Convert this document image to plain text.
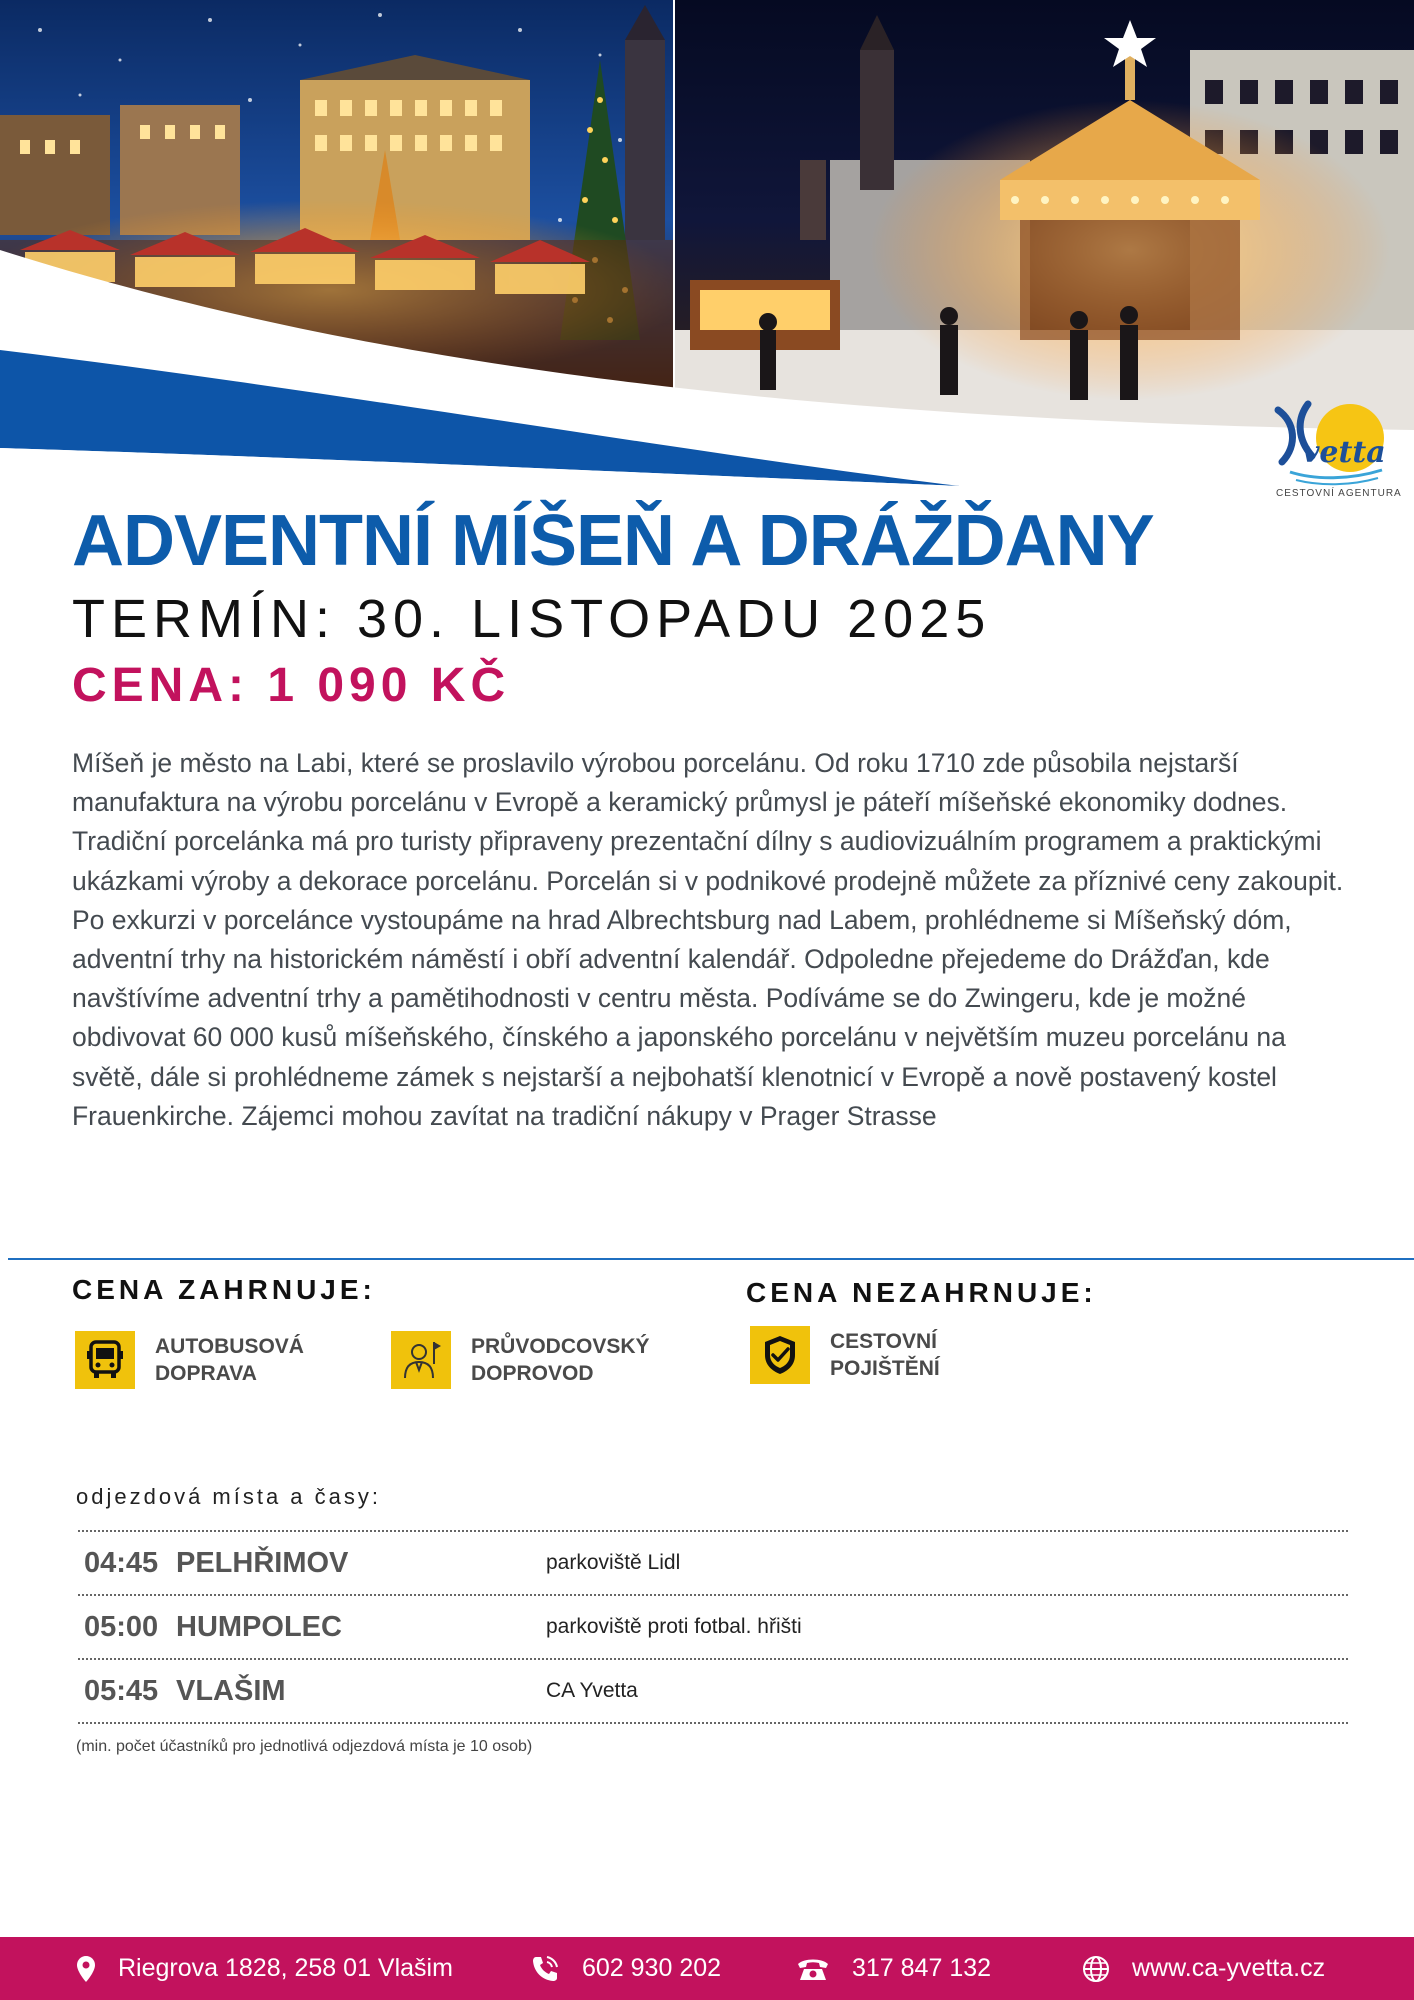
vetta
CESTOVNÍ AGENTURA
ADVENTNÍ MÍŠEŇ A DRÁŽĎANY
TERMÍN: 30. LISTOPADU 2025
CENA: 1 090 KČ

Míšeň je město na Labi, které se proslavilo výrobou porcelánu. Od roku 1710 zde působila nejstarší manufaktura na výrobu porcelánu v Evropě a keramický průmysl je páteří míšeňské ekonomiky dodnes. Tradiční porcelánka má pro turisty připraveny prezentační dílny s audiovizuálním programem a praktickými ukázkami výroby a dekorace porcelánu. Porcelán si v podnikové prodejně můžete za příznivé ceny zakoupit. Po exkurzi v porcelánce vystoupáme na hrad Albrechtsburg nad Labem, prohlédneme si Míšeňský dóm, adventní trhy na historickém náměstí i obří adventní kalendář. Odpoledne přejedeme do Drážďan, kde navštívíme adventní trhy a pamětihodnosti v centru města. Podíváme se do Zwingeru, kde je možné obdivovat 60 000 kusů míšeňského, čínského a japonského porcelánu v největším muzeu porcelánu na světě, dále si prohlédneme zámek s nejstarší a nejbohatší klenotnicí v Evropě a nově postavený kostel Frauenkirche. Zájemci mohou zavítat na tradiční nákupy v Prager Strasse

CENA ZAHRNUJE:
AUTOBUSOVÁ
DOPRAVA
PRŮVODCOVSKÝ
DOPROVOD
CENA NEZAHRNUJE:
CESTOVNÍ
POJIŠTĚNÍ
odjezdová místa a časy:
04:45 PELHŘIMOV	parkoviště Lidl
05:00 HUMPOLEC	parkoviště proti fotbal. hřišti
05:45 VLAŠIM	CA Yvetta
(min. počet účastníků pro jednotlivá odjezdová místa je 10 osob)
Riegrova 1828, 258 01 Vlašim	602 930 202	317 847 132	www.ca-yvetta.cz
